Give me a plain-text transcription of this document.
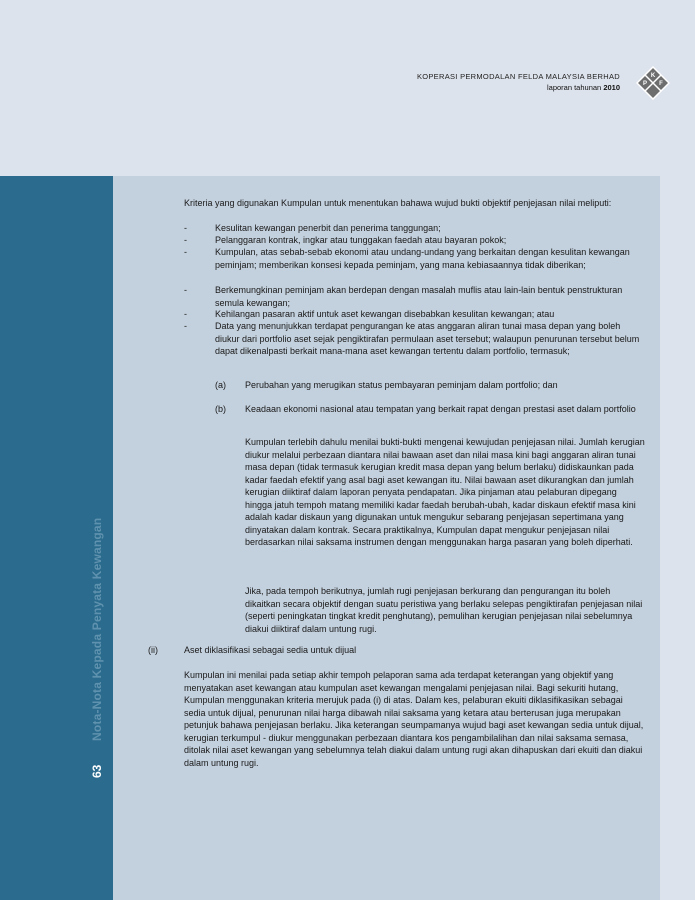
KOPERASI PERMODALAN FELDA MALAYSIA BERHAD
laporan tahunan 2010
K
P F
Nota-Nota Kepada Penyata Kewangan
63
Kriteria yang digunakan Kumpulan untuk menentukan bahawa wujud bukti objektif penjejasan nilai meliputi:
-	Kesulitan kewangan penerbit dan penerima tanggungan;
-	Pelanggaran kontrak, ingkar atau tunggakan faedah atau bayaran pokok;
-	Kumpulan, atas sebab-sebab ekonomi atau undang-undang yang berkaitan dengan kesulitan kewangan peminjam; memberikan konsesi kepada peminjam, yang mana kebiasaannya tidak diberikan;
-	Berkemungkinan peminjam akan berdepan dengan masalah muflis atau lain-lain bentuk penstrukturan semula kewangan;
-	Kehilangan pasaran aktif untuk aset kewangan disebabkan kesulitan kewangan; atau
-	Data yang menunjukkan terdapat pengurangan ke atas anggaran aliran tunai masa depan yang boleh diukur dari portfolio aset sejak pengiktirafan permulaan aset tersebut; walaupun penurunan tersebut belum dapat dikenalpasti berkait mana-mana aset kewangan tertentu dalam portfolio, termasuk;
(a) Perubahan yang merugikan status pembayaran peminjam dalam portfolio; dan
(b) Keadaan ekonomi nasional atau tempatan yang berkait rapat dengan prestasi aset dalam portfolio
Kumpulan terlebih dahulu menilai bukti-bukti mengenai kewujudan penjejasan nilai. Jumlah kerugian diukur melalui perbezaan diantara nilai bawaan aset dan nilai masa kini bagi anggaran aliran tunai masa depan (tidak termasuk kerugian kredit masa depan yang belum berlaku) didiskaunkan pada kadar faedah efektif yang asal bagi aset kewangan itu. Nilai bawaan aset dikurangkan dan jumlah kerugian diiktiraf dalam laporan penyata pendapatan. Jika pinjaman atau pelaburan dipegang hingga jatuh tempoh matang memiliki kadar faedah berubah-ubah, kadar diskaun efektif masa kini adalah kadar diskaun yang digunakan untuk mengukur sebarang penjejasan sepertimana yang dinyatakan dalam kontrak. Secara praktikalnya, Kumpulan dapat mengukur penjejasan nilai berdasarkan nilai saksama instrumen dengan menggunakan harga pasaran yang boleh diperhati.
Jika, pada tempoh berikutnya, jumlah rugi penjejasan berkurang dan pengurangan itu boleh dikaitkan secara objektif dengan suatu peristiwa yang berlaku selepas pengiktirafan penjejasan nilai (seperti peningkatan tingkat kredit penghutang), pemulihan kerugian penjejasan nilai sebelumnya diakui diiktiraf dalam untung rugi.
(ii)	Aset diklasifikasi sebagai sedia untuk dijual
Kumpulan ini menilai pada setiap akhir tempoh pelaporan sama ada terdapat keterangan yang objektif yang menyatakan aset kewangan atau kumpulan aset kewangan mengalami penjejasan nilai. Bagi sekuriti hutang, Kumpulan menggunakan kriteria merujuk pada (i) di atas. Dalam kes, pelaburan ekuiti diklasifikasikan sebagai sedia untuk dijual, penurunan nilai harga dibawah nilai saksama yang ketara atau berterusan juga merupakan petunjuk bahawa penjejasan berlaku. Jika keterangan seumpamanya wujud bagi aset kewangan sedia untuk dijual, kerugian terkumpul - diukur menggunakan perbezaan diantara kos pengambilalihan dan nilai saksama semasa, ditolak nilai aset kewangan yang sebelumnya telah diakui dalam untung rugi akan dihapuskan dari ekuiti dan diakui dalam untung rugi.
